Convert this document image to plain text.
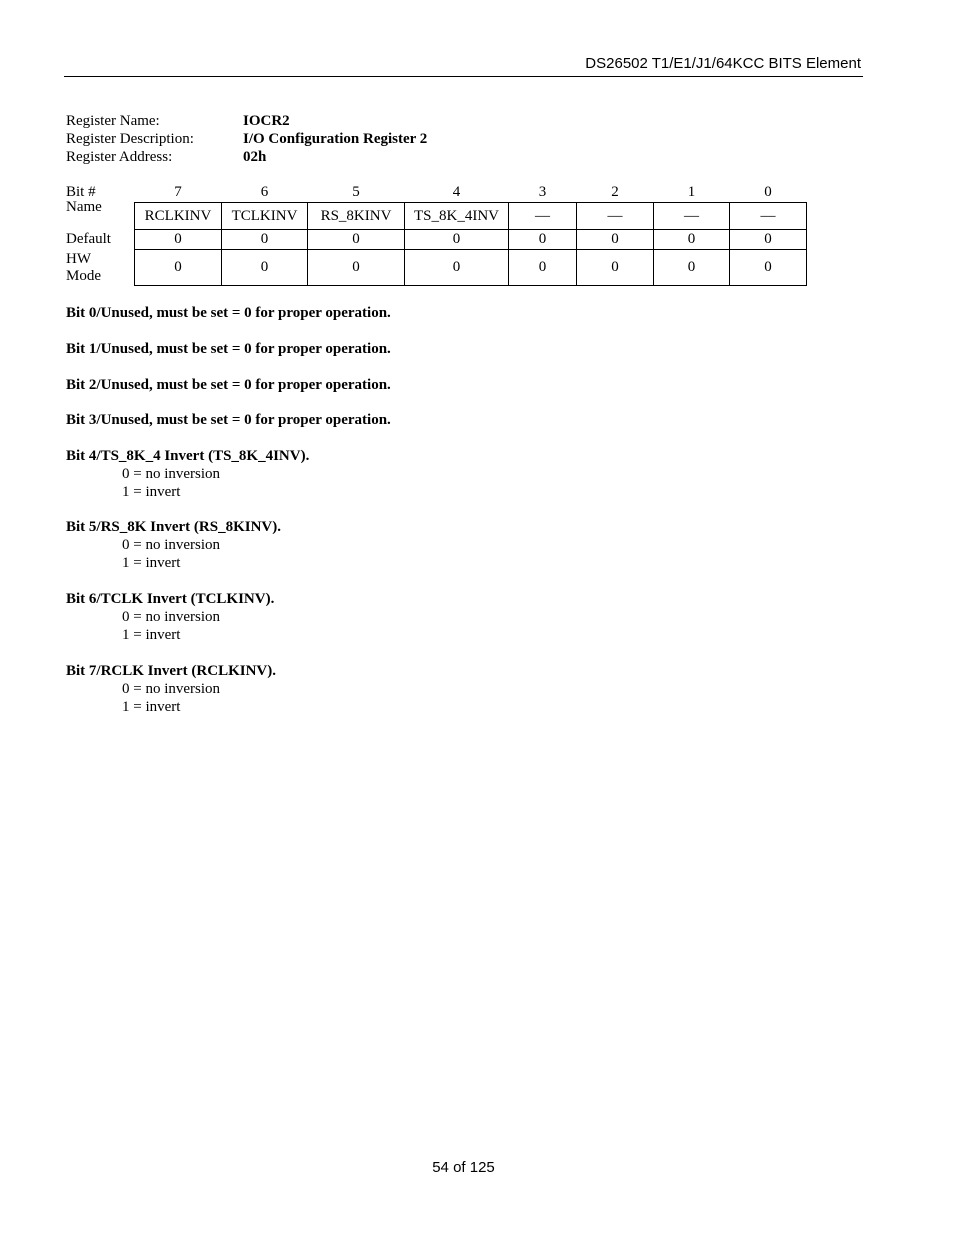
DS26502 T1/E1/J1/64KCC BITS Element
Register Name:	IOCR2
Register Description:	I/O Configuration Register 2
Register Address:	02h
Bit #	7	6	5	4	3	2	1	0
Name	RCLKINV	TCLKINV	RS_8KINV	TS_8K_4INV	—	—	—	—
Default	0	0	0	0	0	0	0	0

HW
Mode	0	0	0	0	0	0	0	0
Bit 0/Unused, must be set = 0 for proper operation.
Bit 1/Unused, must be set = 0 for proper operation.
Bit 2/Unused, must be set = 0 for proper operation.
Bit 3/Unused, must be set = 0 for proper operation.
Bit 4/TS_8K_4 Invert (TS_8K_4INV).
0 = no inversion
1 = invert
Bit 5/RS_8K Invert (RS_8KINV).
0 = no inversion
1 = invert
Bit 6/TCLK Invert (TCLKINV).
0 = no inversion
1 = invert
Bit 7/RCLK Invert (RCLKINV).
0 = no inversion
1 = invert
54 of 125
